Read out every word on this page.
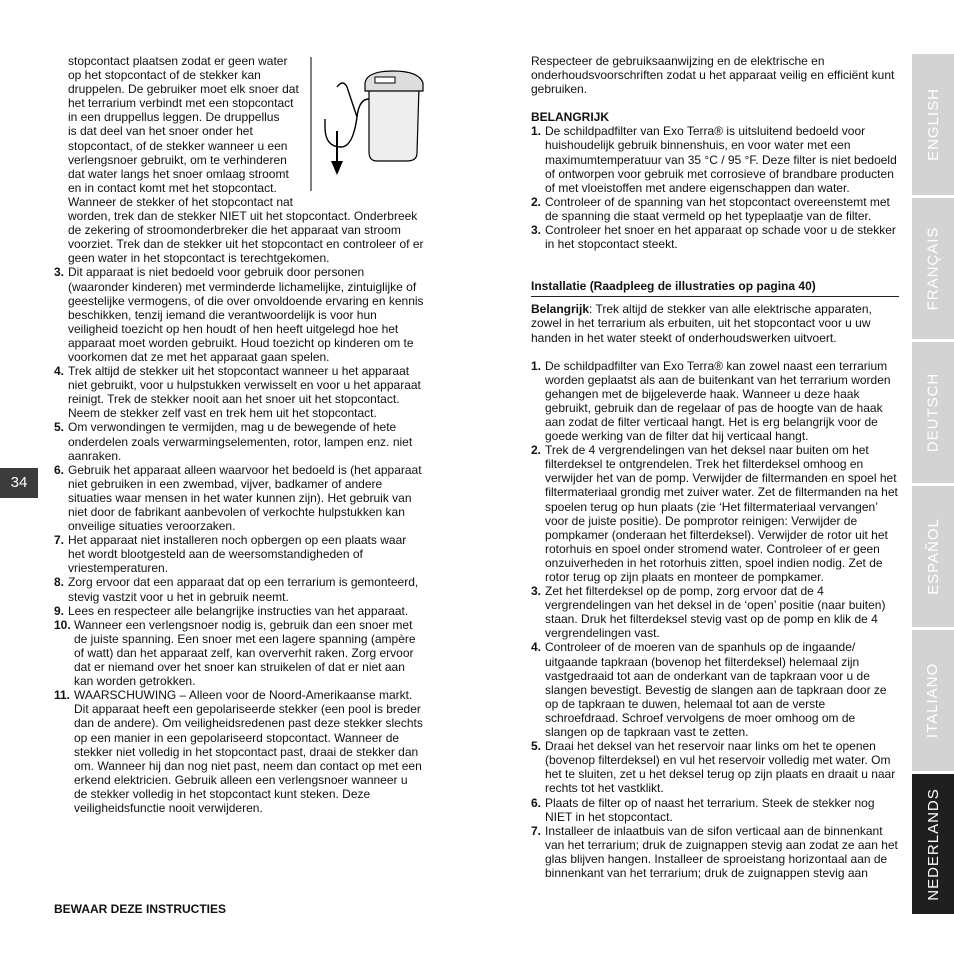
stopcontact plaatsen zodat er geen water

op het stopcontact of de stekker kan

druppelen. De gebruiker moet elk snoer dat

het terrarium verbindt met een stopcontact

in een druppellus leggen. De druppellus

is dat deel van het snoer onder het

stopcontact, of de stekker wanneer u een

verlengsnoer gebruikt, om te verhinderen

dat water langs het snoer omlaag stroomt

en in contact komt met het stopcontact.

Wanneer de stekker of het stopcontact nat

worden, trek dan de stekker NIET uit het stopcontact. Onderbreek de zekering of stroomonderbreker die het apparaat van stroom voorziet. Trek dan de stekker uit het stopcontact en controleer of er geen water in het stopcontact is terechtgekomen.

3. Dit apparaat is niet bedoeld voor gebruik door personen (waaronder kinderen) met verminderde lichamelijke, zintuiglijke of geestelijke vermogens, of die over onvoldoende ervaring en kennis beschikken, tenzij iemand die verantwoordelijk is voor hun veiligheid toezicht op hen houdt of hen heeft uitgelegd hoe het apparaat moet worden gebruikt. Houd toezicht op kinderen om te voorkomen dat ze met het apparaat gaan spelen.
4. Trek altijd de stekker uit het stopcontact wanneer u het apparaat niet gebruikt, voor u hulpstukken verwisselt en voor u het apparaat reinigt. Trek de stekker nooit aan het snoer uit het stopcontact. Neem de stekker zelf vast en trek hem uit het stopcontact.
5. Om verwondingen te vermijden, mag u de bewegende of hete onderdelen zoals verwarmingselementen, rotor, lampen enz. niet aanraken.
6. Gebruik het apparaat alleen waarvoor het bedoeld is (het apparaat niet gebruiken in een zwembad, vijver, badkamer of andere situaties waar mensen in het water kunnen zijn). Het gebruik van niet door de fabrikant aanbevolen of verkochte hulpstukken kan onveilige situaties veroorzaken.
7. Het apparaat niet installeren noch opbergen op een plaats waar het wordt blootgesteld aan de weersomstandigheden of vriestemperaturen.
8. Zorg ervoor dat een apparaat dat op een terrarium is gemonteerd, stevig vastzit voor u het in gebruik neemt.
9. Lees en respecteer alle belangrijke instructies van het apparaat.
10. Wanneer een verlengsnoer nodig is, gebruik dan een snoer met de juiste spanning. Een snoer met een lagere spanning (ampère of watt) dan het apparaat zelf, kan oververhit raken. Zorg ervoor dat er niemand over het snoer kan struikelen of dat er niet aan kan worden getrokken.
11. WAARSCHUWING – Alleen voor de Noord-Amerikaanse markt. Dit apparaat heeft een gepolariseerde stekker (een pool is breder dan de andere). Om veiligheidsredenen past deze stekker slechts op een manier in een gepolariseerd stopcontact. Wanneer de stekker niet volledig in het stopcontact past, draai de stekker dan om. Wanneer hij dan nog niet past, neem dan contact op met een erkend elektricien. Gebruik alleen een verlengsnoer wanneer u de stekker volledig in het stopcontact kunt steken. Deze veiligheidsfunctie nooit verwijderen.

BEWAAR DEZE INSTRUCTIES

34

Respecteer de gebruiksaanwijzing en de elektrische en onderhoudsvoorschriften zodat u het apparaat veilig en efficiënt kunt gebruiken.

BELANGRIJK

1. De schildpadfilter van Exo Terra® is uitsluitend bedoeld voor huishoudelijk gebruik binnenshuis, en voor water met een maximumtemperatuur van 35 °C / 95 °F. Deze filter is niet bedoeld of ontworpen voor gebruik met corrosieve of brandbare producten of met vloeistoffen met andere eigenschappen dan water.
2. Controleer of de spanning van het stopcontact overeenstemt met de spanning die staat vermeld op het typeplaatje van de filter.
3. Controleer het snoer en het apparaat op schade voor u de stekker in het stopcontact steekt.

Installatie (Raadpleeg de illustraties op pagina 40)

Belangrijk: Trek altijd de stekker van alle elektrische apparaten, zowel in het terrarium als erbuiten, uit het stopcontact voor u uw handen in het water steekt of onderhoudswerken uitvoert.

1. De schildpadfilter van Exo Terra® kan zowel naast een terrarium worden geplaatst als aan de buitenkant van het terrarium worden gehangen met de bijgeleverde haak. Wanneer u deze haak gebruikt, gebruik dan de regelaar of pas de hoogte van de haak aan zodat de filter verticaal hangt. Het is erg belangrijk voor de goede werking van de filter dat hij verticaal hangt.
2. Trek de 4 vergrendelingen van het deksel naar buiten om het filterdeksel te ontgrendelen. Trek het filterdeksel omhoog en verwijder het van de pomp. Verwijder de filtermanden en spoel het filtermateriaal grondig met zuiver water. Zet de filtermanden na het spoelen terug op hun plaats (zie ‘Het filtermateriaal vervangen’ voor de juiste positie). De pomprotor reinigen: Verwijder de pompkamer (onderaan het filterdeksel). Verwijder de rotor uit het rotorhuis en spoel onder stromend water. Controleer of er geen onzuiverheden in het rotorhuis zitten, spoel indien nodig. Zet de rotor terug op zijn plaats en monteer de pompkamer.
3. Zet het filterdeksel op de pomp, zorg ervoor dat de 4 vergrendelingen van het deksel in de ‘open’ positie (naar buiten) staan. Druk het filterdeksel stevig vast op de pomp en klik de 4 vergrendelingen vast.
4. Controleer of de moeren van de spanhuls op de ingaande/ uitgaande tapkraan (bovenop het filterdeksel) helemaal zijn vastgedraaid tot aan de onderkant van de tapkraan voor u de slangen bevestigt. Bevestig de slangen aan de tapkraan door ze op de tapkraan te duwen, helemaal tot aan de verste schroefdraad. Schroef vervolgens de moer omhoog om de slangen op de tapkraan vast te zetten.
5. Draai het deksel van het reservoir naar links om het te openen (bovenop filterdeksel) en vul het reservoir volledig met water. Om het te sluiten, zet u het deksel terug op zijn plaats en draait u naar rechts tot het vastklikt.
6. Plaats de filter op of naast het terrarium. Steek de stekker nog NIET in het stopcontact.
7. Installeer de inlaatbuis van de sifon verticaal aan de binnenkant van het terrarium; druk de zuignappen stevig aan zodat ze aan het glas blijven hangen. Installeer de sproeistang horizontaal aan de binnenkant van het terrarium; druk de zuignappen stevig aan
ENGLISH
FRANÇAIS
DEUTSCH
ESPAÑOL
ITALIANO
NEDERLANDS
